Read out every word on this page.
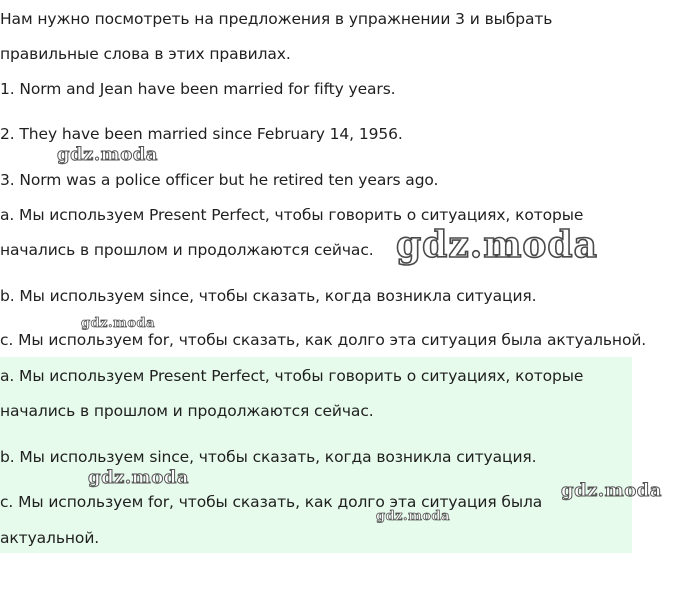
Нам нужно посмотреть на предложения в упражнении 3 и выбрать
правильные слова в этих правилах.
1. Norm and Jean have been married for fifty years.
2. They have been married since February 14, 1956.
3. Norm was a police officer but he retired ten years ago.
a. Мы используем Present Perfect, чтобы говорить о ситуациях, которые
начались в прошлом и продолжаются сейчас.
b. Мы используем since, чтобы сказать, когда возникла ситуация.
c. Мы используем for, чтобы сказать, как долго эта ситуация была актуальной.
a. Мы используем Present Perfect, чтобы говорить о ситуациях, которые
начались в прошлом и продолжаются сейчас.
b. Мы используем since, чтобы сказать, когда возникла ситуация.
c. Мы используем for, чтобы сказать, как долго эта ситуация была
актуальной.
gdz.moda
gdz.moda
gdz.moda
gdz.moda
gdz.moda
gdz.moda
